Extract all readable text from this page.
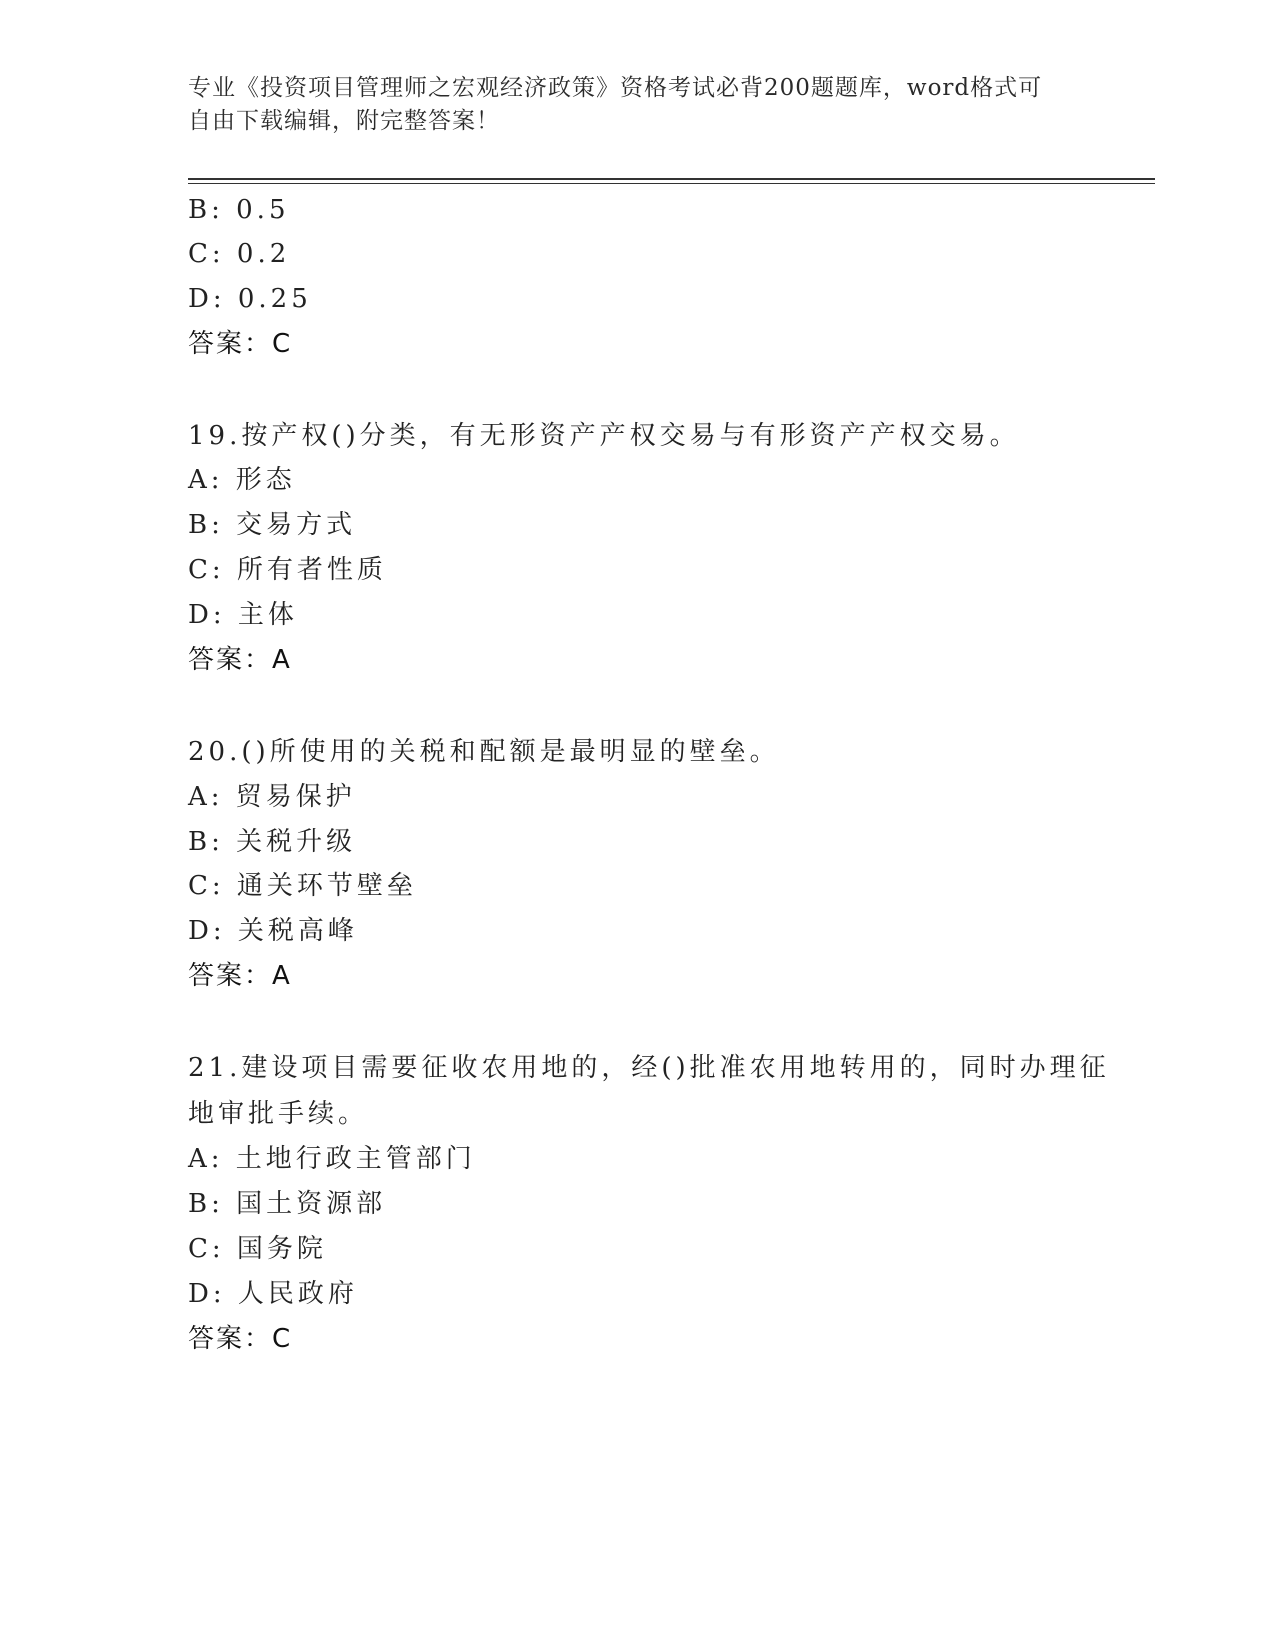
专业《投资项目管理师之宏观经济政策》资格考试必背200题题库，word格式可
自由下载编辑，附完整答案！
B: 0.5
C: 0.2
D: 0.25
答案：C
19.按产权()分类，有无形资产产权交易与有形资产产权交易。
A: 形态
B: 交易方式
C: 所有者性质
D: 主体
答案：A
20.()所使用的关税和配额是最明显的壁垒。
A: 贸易保护
B: 关税升级
C: 通关环节壁垒
D: 关税高峰
答案：A
21.建设项目需要征收农用地的，经()批准农用地转用的，同时办理征
地审批手续。
A: 土地行政主管部门
B: 国土资源部
C: 国务院
D: 人民政府
答案：C
